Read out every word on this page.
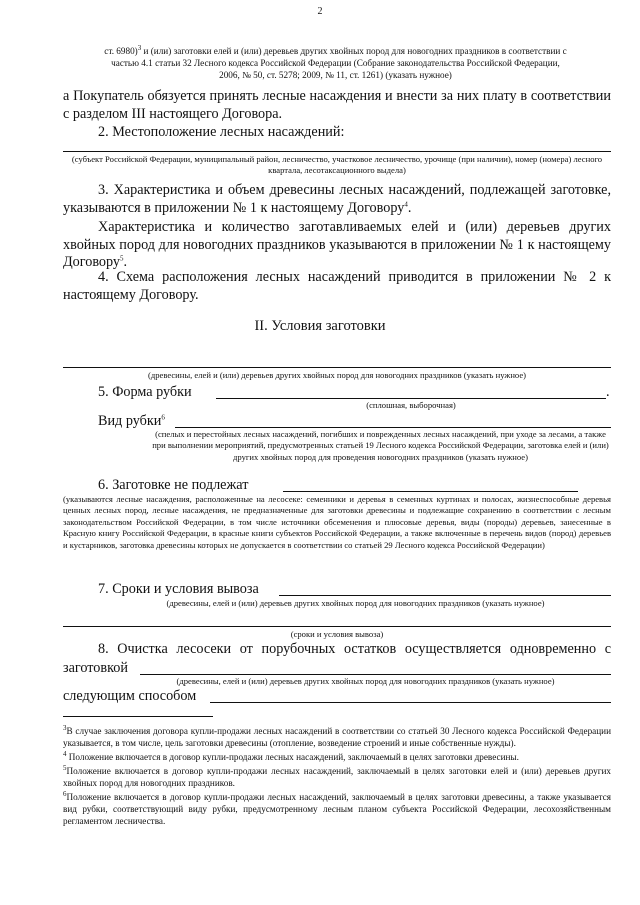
2
ст. 6980)$^3$ и (или) заготовки елей и (или) деревьев других хвойных пород для новогодних праздников в соответствии с
частью 4.1 статьи 32 Лесного кодекса Российской Федерации (Собрание законодательства Российской Федерации,
2006, № 50, ст. 5278; 2009, № 11, ст. 1261) (указать нужное)
а Покупатель обязуется принять лесные насаждения и внести за них плату в соответствии с разделом III настоящего Договора.
2. Местоположение лесных насаждений:
(субъект Российской Федерации, муниципальный район, лесничество, участковое лесничество, урочище (при наличии), номер (номера) лесного квартала, лесотаксационного выдела)
3. Характеристика и объем древесины лесных насаждений, подлежащей заготовке, указываются в приложении № 1 к настоящему Договору$^4$.
Характеристика и количество заготавливаемых елей и (или) деревьев других хвойных пород для новогодних праздников указываются в приложении № 1 к настоящему Договору$^5$.
4. Схема расположения лесных насаждений приводится в приложении № 2 к настоящему Договору.
II. Условия заготовки
(древесины, елей и (или) деревьев других хвойных пород для новогодних праздников (указать нужное)
5. Форма рубки	.
(сплошная, выборочная)
Вид рубки$^6$
(спелых и перестойных лесных насаждений, погибших и поврежденных лесных насаждений, при уходе за лесами, а также при выполнении мероприятий, предусмотренных статьей 19 Лесного кодекса Российской Федерации, заготовка елей и (или) других хвойных пород для проведения новогодних праздников (указать нужное)
6. Заготовке не подлежат
(указываются лесные насаждения, расположенные на лесосеке: семенники и деревья в семенных куртинах и полосах, жизнеспособные деревья ценных лесных пород, лесные насаждения, не предназначенные для заготовки древесины и подлежащие сохранению в соответствии с лесным законодательством Российской Федерации, в том числе источники обсеменения и плюсовые деревья, виды (породы) деревьев, занесенные в Красную книгу Российской Федерации, в красные книги субъектов Российской Федерации, а также включенные в перечень видов (пород) деревьев и кустарников, заготовка древесины которых не допускается в соответствии со статьей 29 Лесного кодекса Российской Федерации)
7. Сроки и условия вывоза
(древесины, елей и (или) деревьев других хвойных пород для новогодних праздников (указать нужное)
(сроки и условия вывоза)
8. Очистка лесосеки от порубочных остатков осуществляется одновременно с
заготовкой
(древесины, елей и (или) деревьев других хвойных пород для новогодних праздников (указать нужное)
следующим способом
$^3$В случае заключения договора купли-продажи лесных насаждений в соответствии со статьей 30 Лесного кодекса Российской Федерации указывается, в том числе, цель заготовки древесины (отопление, возведение строений и иные собственные нужды).
$^4$ Положение включается в договор купли-продажи лесных насаждений, заключаемый в целях заготовки древесины.
$^5$Положение включается в договор купли-продажи лесных насаждений, заключаемый в целях заготовки елей и (или) деревьев других хвойных пород для новогодних праздников.
$^6$Положение включается в договор купли-продажи лесных насаждений, заключаемый в целях заготовки древесины, а также указывается вид рубки, соответствующий виду рубки, предусмотренному лесным планом субъекта Российской Федерации, лесохозяйственным регламентом лесничества.
